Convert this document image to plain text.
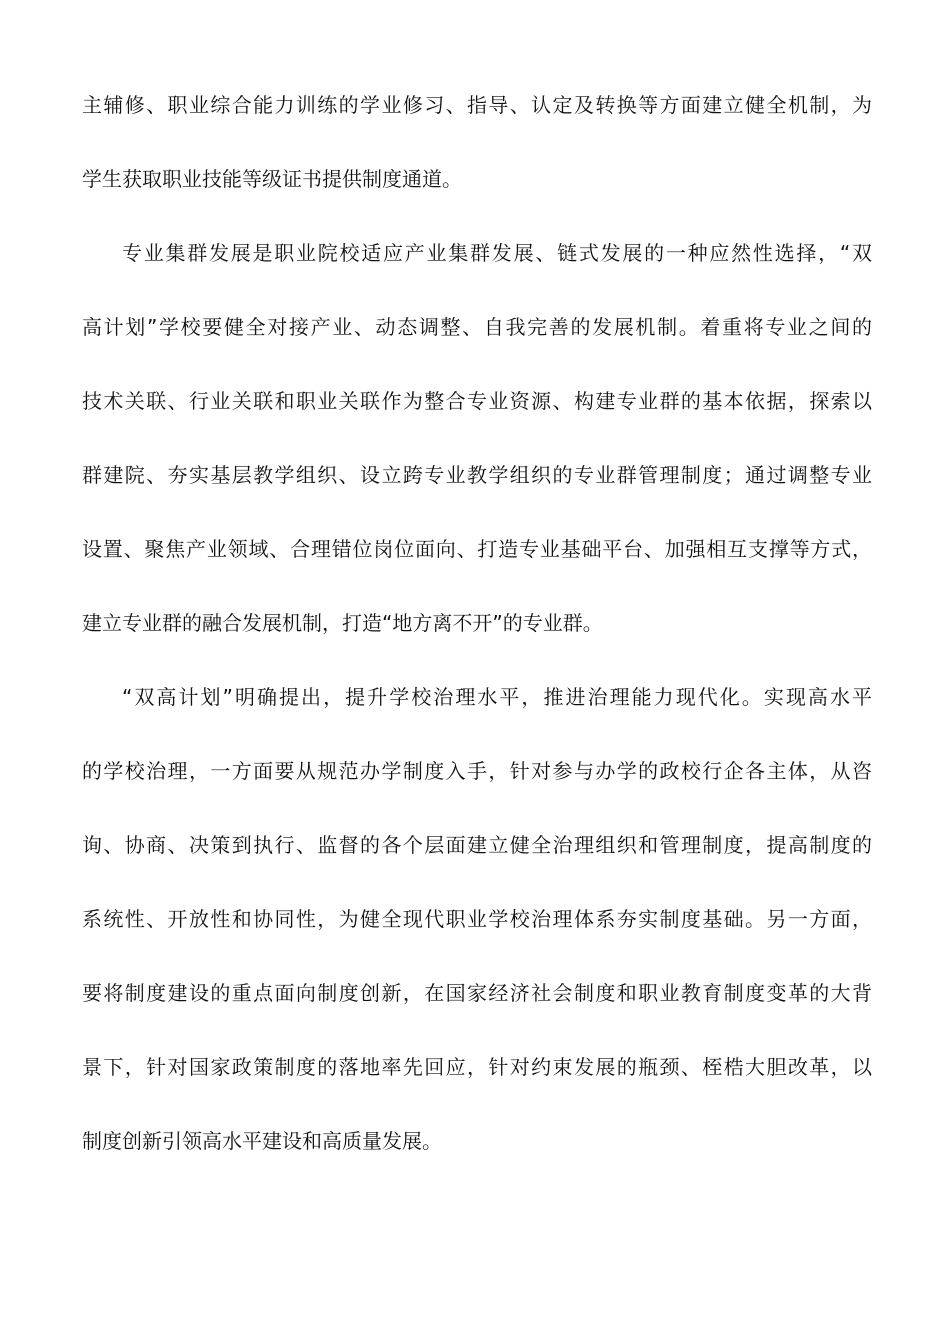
主辅修、职业综合能力训练的学业修习、指导、认定及转换等方面建立健全机制，为
学生获取职业技能等级证书提供制度通道。
专业集群发展是职业院校适应产业集群发展、链式发展的一种应然性选择，“双
高计划”学校要健全对接产业、动态调整、自我完善的发展机制。着重将专业之间的
技术关联、行业关联和职业关联作为整合专业资源、构建专业群的基本依据，探索以
群建院、夯实基层教学组织、设立跨专业教学组织的专业群管理制度；通过调整专业
设置、聚焦产业领域、合理错位岗位面向、打造专业基础平台、加强相互支撑等方式，
建立专业群的融合发展机制，打造“地方离不开”的专业群。
“双高计划”明确提出，提升学校治理水平，推进治理能力现代化。实现高水平
的学校治理，一方面要从规范办学制度入手，针对参与办学的政校行企各主体，从咨
询、协商、决策到执行、监督的各个层面建立健全治理组织和管理制度，提高制度的
系统性、开放性和协同性，为健全现代职业学校治理体系夯实制度基础。另一方面，
要将制度建设的重点面向制度创新，在国家经济社会制度和职业教育制度变革的大背
景下，针对国家政策制度的落地率先回应，针对约束发展的瓶颈、桎梏大胆改革，以
制度创新引领高水平建设和高质量发展。
